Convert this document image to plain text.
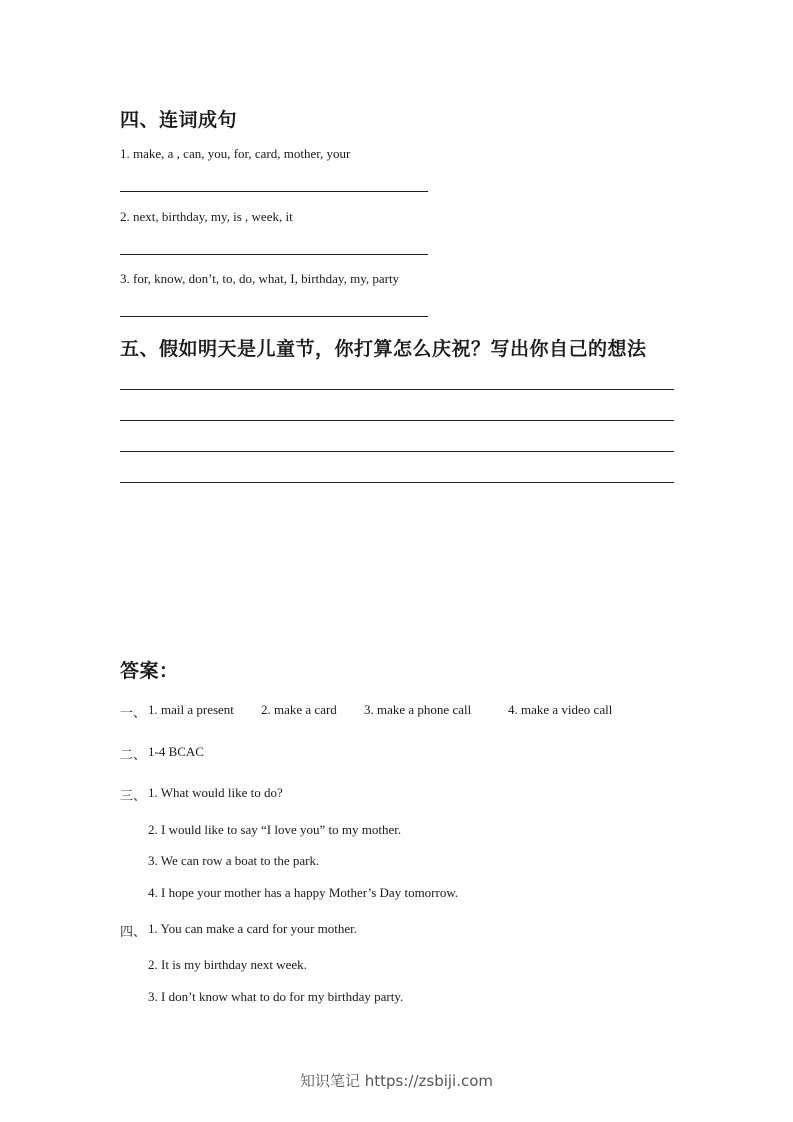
四、连词成句
1. make, a , can, you, for, card, mother, your
2. next, birthday, my, is , week, it
3. for, know, don’t, to, do, what, I, birthday, my, party
五、假如明天是儿童节，你打算怎么庆祝？写出你自己的想法
答案：
一、 1. mail a present 2. make a card 3. make a phone call	4. make a video call
二、 1-4 BCAC
三、 1. What would like to do?
2. I would like to say “I love you” to my mother.
3. We can row a boat to the park.
4. I hope your mother has a happy Mother’s Day tomorrow.
四、 1. You can make a card for your mother.
2. It is my birthday next week.
3. I don’t know what to do for my birthday party.
知识笔记 https://zsbiji.com
